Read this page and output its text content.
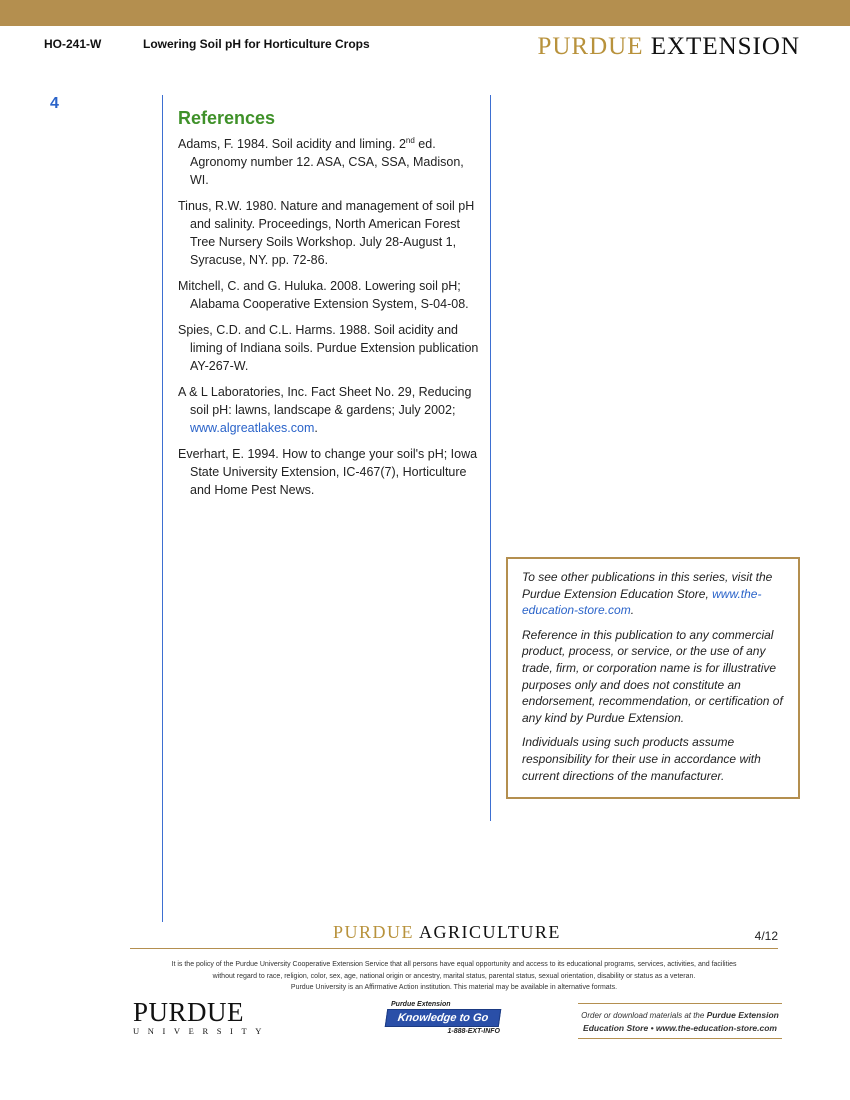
HO-241-W	Lowering Soil pH for Horticulture Crops	PURDUE EXTENSION
4
References
Adams, F. 1984. Soil acidity and liming. 2nd ed. Agronomy number 12. ASA, CSA, SSA, Madison, WI.
Tinus, R.W. 1980. Nature and management of soil pH and salinity. Proceedings, North American Forest Tree Nursery Soils Workshop. July 28-August 1, Syracuse, NY. pp. 72-86.
Mitchell, C. and G. Huluka. 2008. Lowering soil pH; Alabama Cooperative Extension System, S-04-08.
Spies, C.D. and C.L. Harms. 1988. Soil acidity and liming of Indiana soils. Purdue Extension publication AY-267-W.
A & L Laboratories, Inc. Fact Sheet No. 29, Reducing soil pH: lawns, landscape & gardens; July 2002; www.algreatlakes.com.
Everhart, E. 1994. How to change your soil's pH; Iowa State University Extension, IC-467(7), Horticulture and Home Pest News.

To see other publications in this series, visit the Purdue Extension Education Store, www.the-education-store.com.

Reference in this publication to any commercial product, process, or service, or the use of any trade, firm, or corporation name is for illustrative purposes only and does not constitute an endorsement, recommendation, or certification of any kind by Purdue Extension.

Individuals using such products assume responsibility for their use in accordance with current directions of the manufacturer.

PURDUE AGRICULTURE	4/12
It is the policy of the Purdue University Cooperative Extension Service that all persons have equal opportunity and access to its educational programs, services, activities, and facilities
without regard to race, religion, color, sex, age, national origin or ancestry, marital status, parental status, sexual orientation, disability or status as a veteran.
Purdue University is an Affirmative Action institution. This material may be available in alternative formats.
PURDUE
UNIVERSITY
Purdue Extension
Knowledge to Go
1-888-EXT-INFO
Order or download materials at the Purdue Extension
Education Store • www.the-education-store.com
